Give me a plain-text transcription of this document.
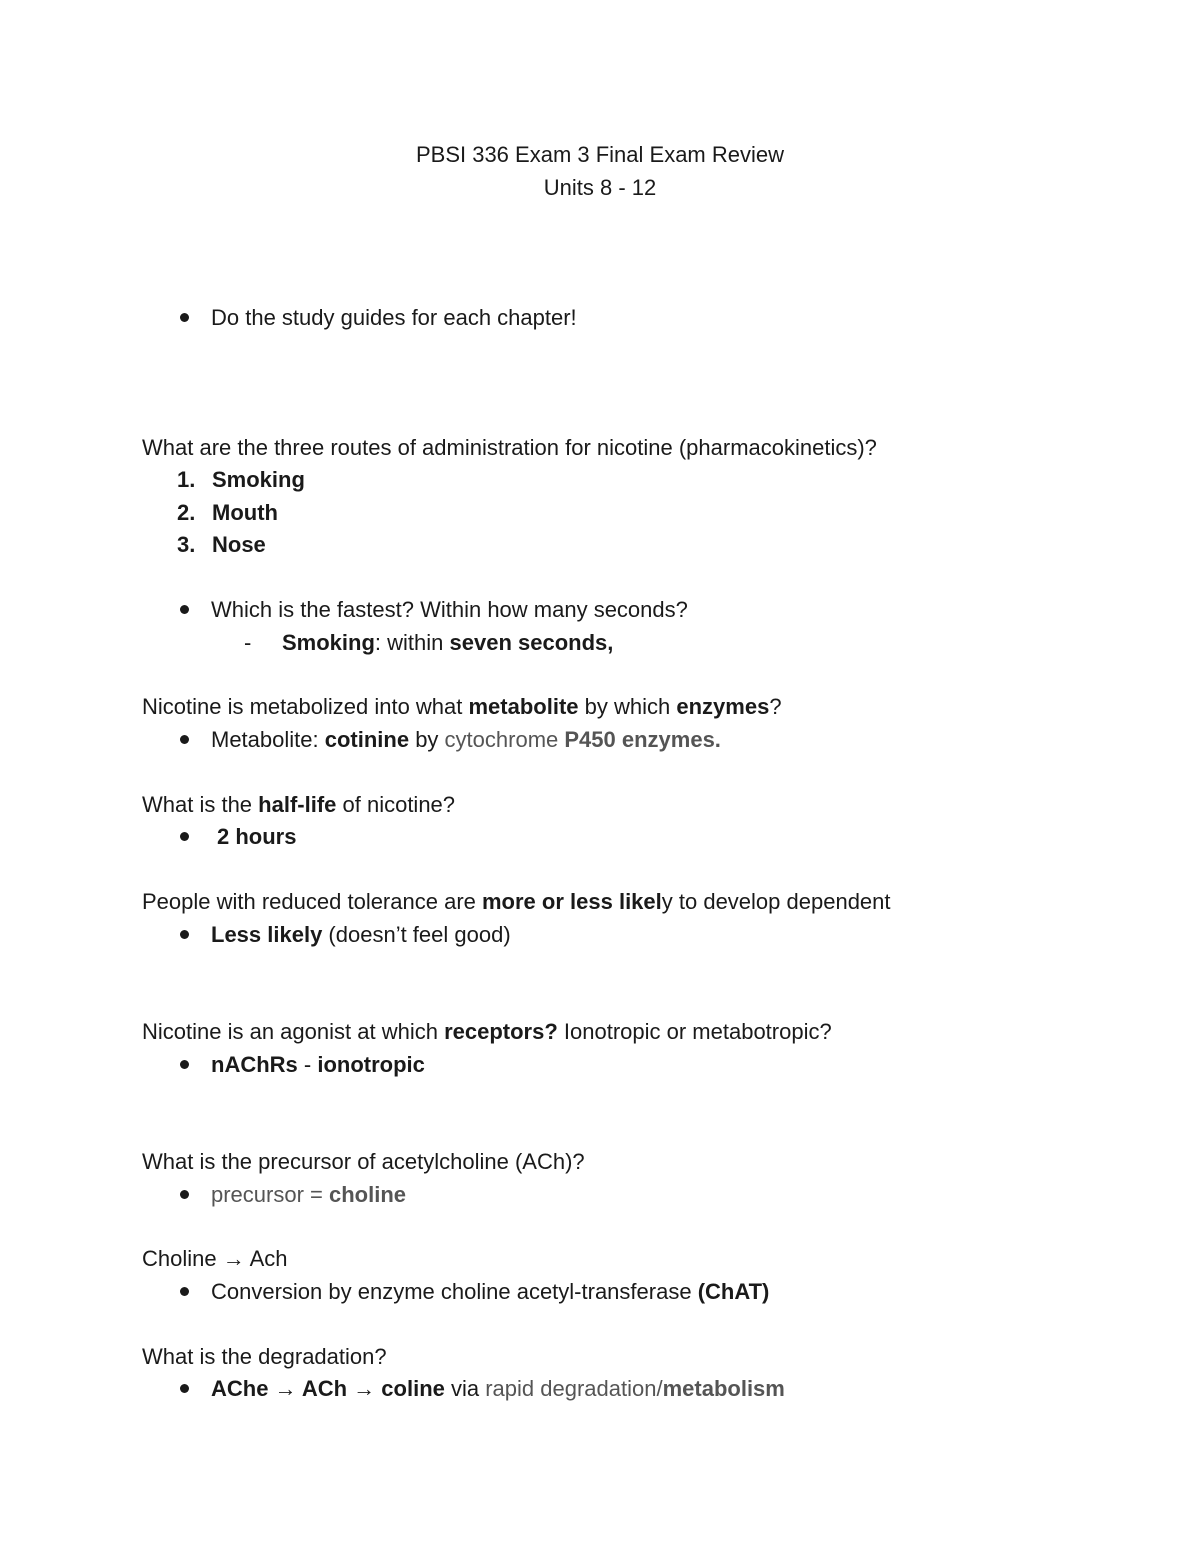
PBSI 336 Exam 3 Final Exam Review
Units 8 - 12
Do the study guides for each chapter!
What are the three routes of administration for nicotine (pharmacokinetics)?
1. Smoking
2. Mouth
3. Nose
Which is the fastest? Within how many seconds?
- Smoking: within seven seconds,
Nicotine is metabolized into what metabolite by which enzymes?
Metabolite: cotinine by cytochrome P450 enzymes.
What is the half-life of nicotine?
2 hours
People with reduced tolerance are more or less likely to develop dependent
Less likely (doesn’t feel good)
Nicotine is an agonist at which receptors? Ionotropic or metabotropic?
nAChRs - ionotropic
What is the precursor of acetylcholine (ACh)?
precursor = choline
Choline → Ach
Conversion by enzyme choline acetyl-transferase (ChAT)
What is the degradation?
AChe → ACh → coline via rapid degradation/metabolism
